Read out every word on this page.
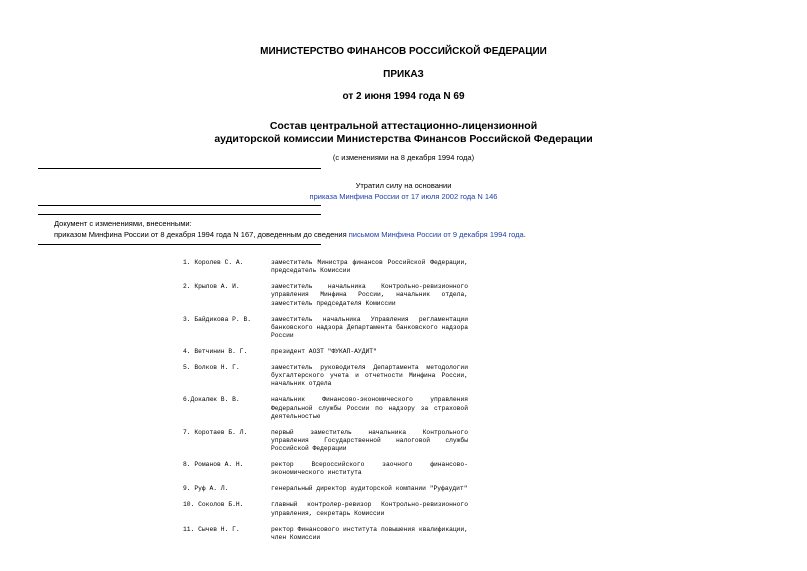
МИНИСТЕРСТВО ФИНАНСОВ РОССИЙСКОЙ ФЕДЕРАЦИИ
ПРИКАЗ
от 2 июня 1994 года N 69
Состав центральной аттестационно-лицензионной
аудиторской комиссии Министерства Финансов Российской Федерации
(с изменениями на 8 декабря 1994 года)
Утратил силу на основании
приказа Минфина России от 17 июля 2002 года N 146
Документ с изменениями, внесенными:
приказом Минфина России от 8 декабря 1994 года N 167, доведенным до сведения письмом Минфина России от 9 декабря 1994 года.
1. Королев С. А.	заместитель Министра финансов Российской Федерации, председатель Комиссии
2. Крылов А. И.	заместитель начальника Контрольно-ревизионного управления Минфина России, начальник отдела, заместитель председателя Комиссии
3. Байдикова Р. В.	заместитель начальника Управления регламентации банковского надзора Департамента банковского надзора России
4. Ветчинин В. Г.	президент АОЗТ "ФУКАП-АУДИТ"
5. Волков Н. Г.	заместитель руководителя Департамента методологии бухгалтерского учета и отчетности Минфина России, начальник отдела
6.Докалюк В. В.	начальник Финансово-экономического управления Федеральной службы России по надзору за страховой деятельностью
7. Коротаев Б. Л.	первый заместитель начальника Контрольного управления Государственной налоговой службы Российской Федерации
8. Романов А. Н.	ректор Всероссийского заочного финансово-экономического института
9. Руф А. Л.	генеральный директор аудиторской компании "Руфаудит"
10. Соколов Б.Н.	главный контролер-ревизор Контрольно-ревизионного управления, секретарь Комиссии
11. Сычев Н. Г.	ректор Финансового института повышения квалификации, член Комиссии
